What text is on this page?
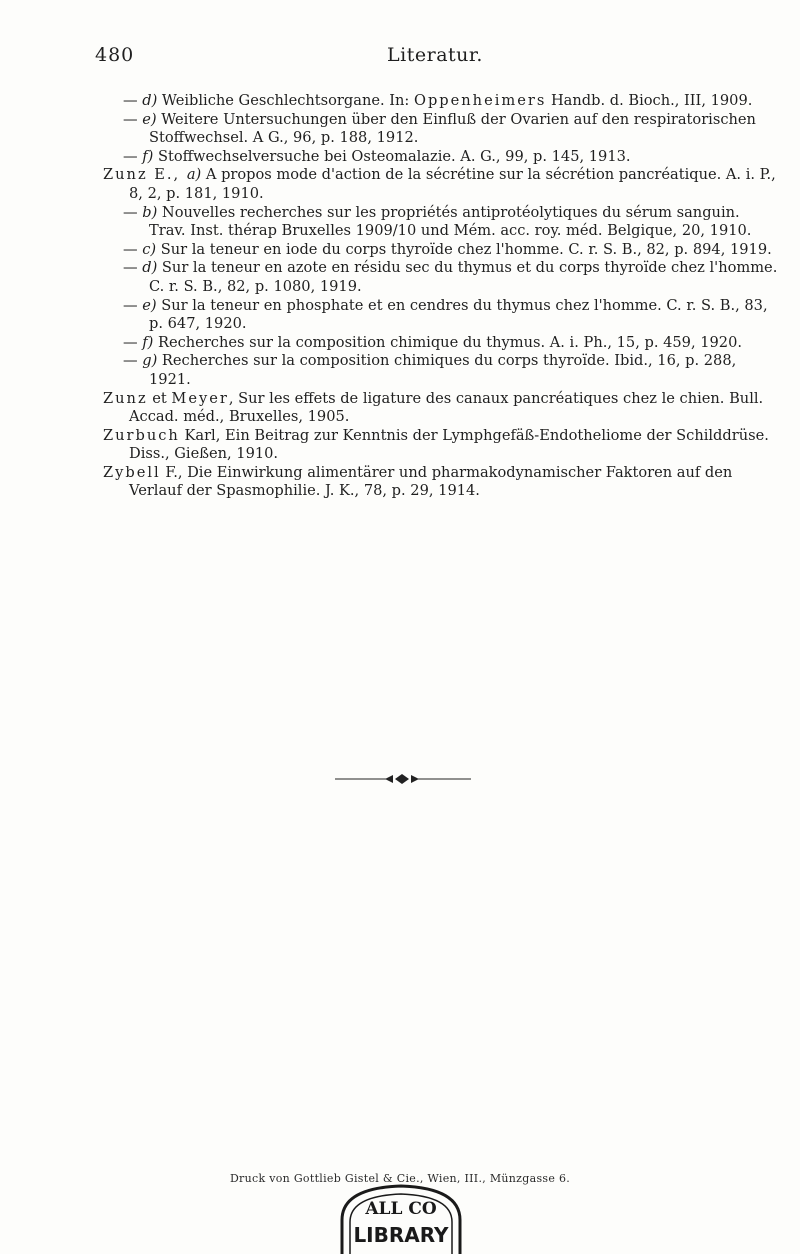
480	Literatur.

— d) Weibliche Geschlechtsorgane. In: Oppenheimers Handb. d. Bioch., III, 1909.

— e) Weitere Untersuchungen über den Einfluß der Ovarien auf den respiratorischen Stoffwechsel. A G., 96, p. 188, 1912.

— f) Stoffwechselversuche bei Osteomalazie. A. G., 99, p. 145, 1913.

Zunz E., a) A propos mode d'action de la sécrétine sur la sécrétion pancréatique. A. i. P., 8, 2, p. 181, 1910.

— b) Nouvelles recherches sur les propriétés antiprotéolytiques du sérum sanguin. Trav. Inst. thérap Bruxelles 1909/10 und Mém. acc. roy. méd. Belgique, 20, 1910.

— c) Sur la teneur en iode du corps thyroïde chez l'homme. C. r. S. B., 82, p. 894, 1919.

— d) Sur la teneur en azote en résidu sec du thymus et du corps thyroïde chez l'homme. C. r. S. B., 82, p. 1080, 1919.

— e) Sur la teneur en phosphate et en cendres du thymus chez l'homme. C. r. S. B., 83, p. 647, 1920.

— f) Recherches sur la composition chimique du thymus. A. i. Ph., 15, p. 459, 1920.

— g) Recherches sur la composition chimiques du corps thyroïde. Ibid., 16, p. 288, 1921.

Zunz et Meyer, Sur les effets de ligature des canaux pancréatiques chez le chien. Bull. Accad. méd., Bruxelles, 1905.

Zurbuch Karl, Ein Beitrag zur Kenntnis der Lymphgefäß-Endotheliome der Schilddrüse. Diss., Gießen, 1910.

Zybell F., Die Einwirkung alimentärer und pharmakodynamischer Faktoren auf den Verlauf der Spasmophilie. J. K., 78, p. 29, 1914.

Druck von Gottlieb Gistel & Cie., Wien, III., Münzgasse 6.
ALL CO
LIBRARY
